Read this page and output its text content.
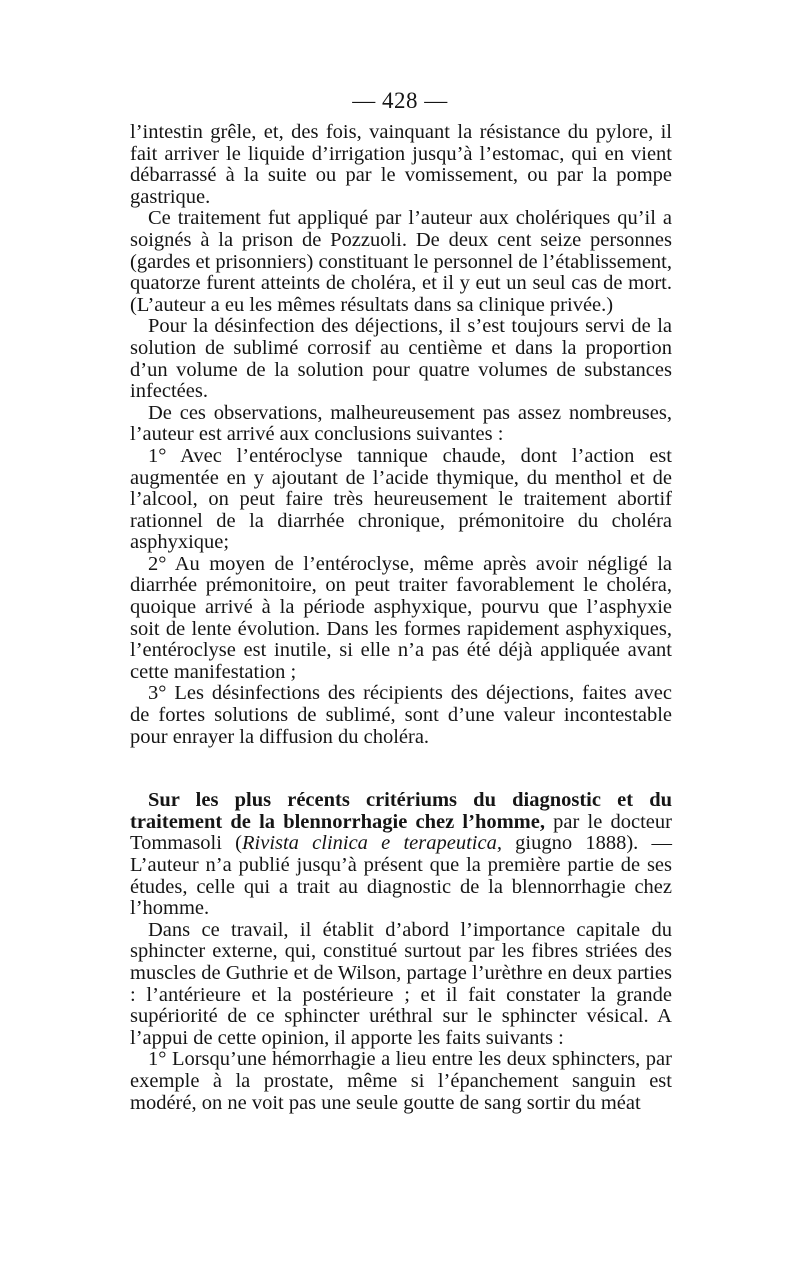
— 428 —

l’intestin grêle, et, des fois, vainquant la résistance du pylore, il fait arriver le liquide d’irrigation jusqu’à l’estomac, qui en vient débarrassé à la suite ou par le vomissement, ou par la pompe gastrique.

Ce traitement fut appliqué par l’auteur aux cholériques qu’il a soignés à la prison de Pozzuoli. De deux cent seize personnes (gardes et prisonniers) constituant le personnel de l’établissement, quatorze furent atteints de choléra, et il y eut un seul cas de mort. (L’auteur a eu les mêmes résultats dans sa clinique privée.)

Pour la désinfection des déjections, il s’est toujours servi de la solution de sublimé corrosif au centième et dans la proportion d’un volume de la solution pour quatre volumes de substances infectées.

De ces observations, malheureusement pas assez nombreuses, l’auteur est arrivé aux conclusions suivantes :

1° Avec l’entéroclyse tannique chaude, dont l’action est augmentée en y ajoutant de l’acide thymique, du menthol et de l’alcool, on peut faire très heureusement le traitement abortif rationnel de la diarrhée chronique, prémonitoire du choléra asphyxique;

2° Au moyen de l’entéroclyse, même après avoir négligé la diarrhée prémonitoire, on peut traiter favorablement le choléra, quoique arrivé à la période asphyxique, pourvu que l’asphyxie soit de lente évolution. Dans les formes rapidement asphyxiques, l’entéroclyse est inutile, si elle n’a pas été déjà appliquée avant cette manifestation ;

3° Les désinfections des récipients des déjections, faites avec de fortes solutions de sublimé, sont d’une valeur incontestable pour enrayer la diffusion du choléra.

Sur les plus récents critériums du diagnostic et du traitement de la blennorrhagie chez l’homme, par le docteur Tommasoli (Rivista clinica e terapeutica, giugno 1888). — L’auteur n’a publié jusqu’à présent que la première partie de ses études, celle qui a trait au diagnostic de la blennorrhagie chez l’homme.

Dans ce travail, il établit d’abord l’importance capitale du sphincter externe, qui, constitué surtout par les fibres striées des muscles de Guthrie et de Wilson, partage l’urèthre en deux parties : l’antérieure et la postérieure ; et il fait constater la grande supériorité de ce sphincter uréthral sur le sphincter vésical. A l’appui de cette opinion, il apporte les faits suivants :

1° Lorsqu’une hémorrhagie a lieu entre les deux sphincters, par exemple à la prostate, même si l’épanchement sanguin est modéré, on ne voit pas une seule goutte de sang sortir du méat
